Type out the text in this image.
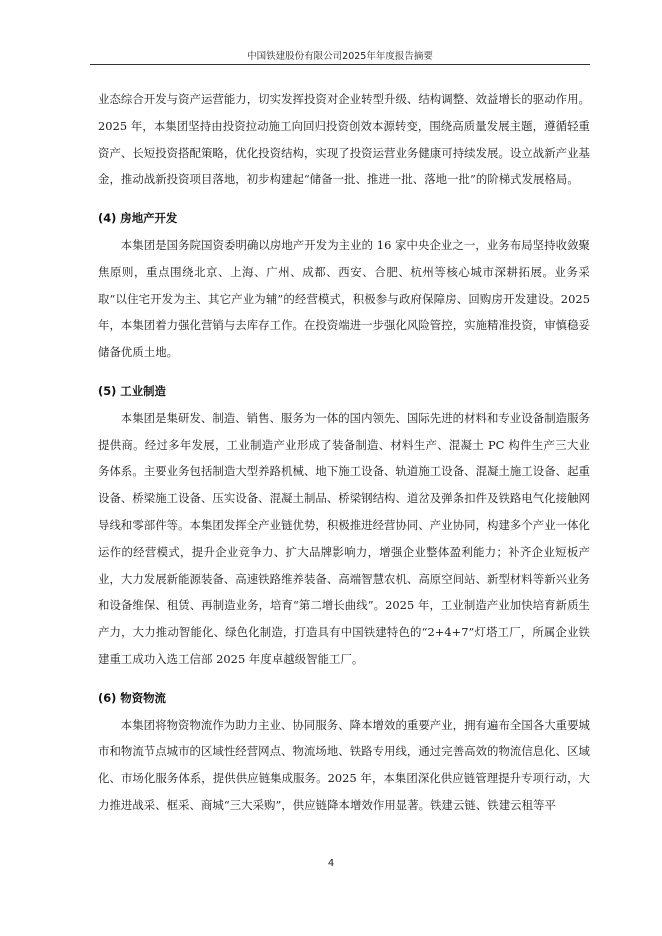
中国铁建股份有限公司2025年年度报告摘要

业态综合开发与资产运营能力，切实发挥投资对企业转型升级、结构调整、效益增长的驱动作用。2025 年，本集团坚持由投资拉动施工向回归投资创效本源转变，围绕高质量发展主题，遵循轻重资产、长短投资搭配策略，优化投资结构，实现了投资运营业务健康可持续发展。设立战新产业基金，推动战新投资项目落地，初步构建起“储备一批、推进一批、落地一批”的阶梯式发展格局。

(4) 房地产开发

本集团是国务院国资委明确以房地产开发为主业的 16 家中央企业之一，业务布局坚持收敛聚焦原则，重点围绕北京、上海、广州、成都、西安、合肥、杭州等核心城市深耕拓展。业务采取“以住宅开发为主、其它产业为辅”的经营模式，积极参与政府保障房、回购房开发建设。2025 年，本集团着力强化营销与去库存工作。在投资端进一步强化风险管控，实施精准投资，审慎稳妥储备优质土地。

(5) 工业制造

本集团是集研发、制造、销售、服务为一体的国内领先、国际先进的材料和专业设备制造服务提供商。经过多年发展，工业制造产业形成了装备制造、材料生产、混凝土 PC 构件生产三大业务体系。主要业务包括制造大型养路机械、地下施工设备、轨道施工设备、混凝土施工设备、起重设备、桥梁施工设备、压实设备、混凝土制品、桥梁钢结构、道岔及弹条扣件及铁路电气化接触网导线和零部件等。本集团发挥全产业链优势，积极推进经营协同、产业协同，构建多个产业一体化运作的经营模式，提升企业竞争力、扩大品牌影响力，增强企业整体盈利能力；补齐企业短板产业，大力发展新能源装备、高速铁路维养装备、高端智慧农机、高原空间站、新型材料等新兴业务和设备维保、租赁、再制造业务，培育“第二增长曲线”。2025 年，工业制造产业加快培育新质生产力，大力推动智能化、绿色化制造，打造具有中国铁建特色的“2+4+7”灯塔工厂，所属企业铁建重工成功入选工信部 2025 年度卓越级智能工厂。

(6) 物资物流

本集团将物资物流作为助力主业、协同服务、降本增效的重要产业，拥有遍布全国各大重要城市和物流节点城市的区域性经营网点、物流场地、铁路专用线，通过完善高效的物流信息化、区域化、市场化服务体系，提供供应链集成服务。2025 年，本集团深化供应链管理提升专项行动，大力推进战采、框采、商城“三大采购”，供应链降本增效作用显著。铁建云链、铁建云租等平

4
